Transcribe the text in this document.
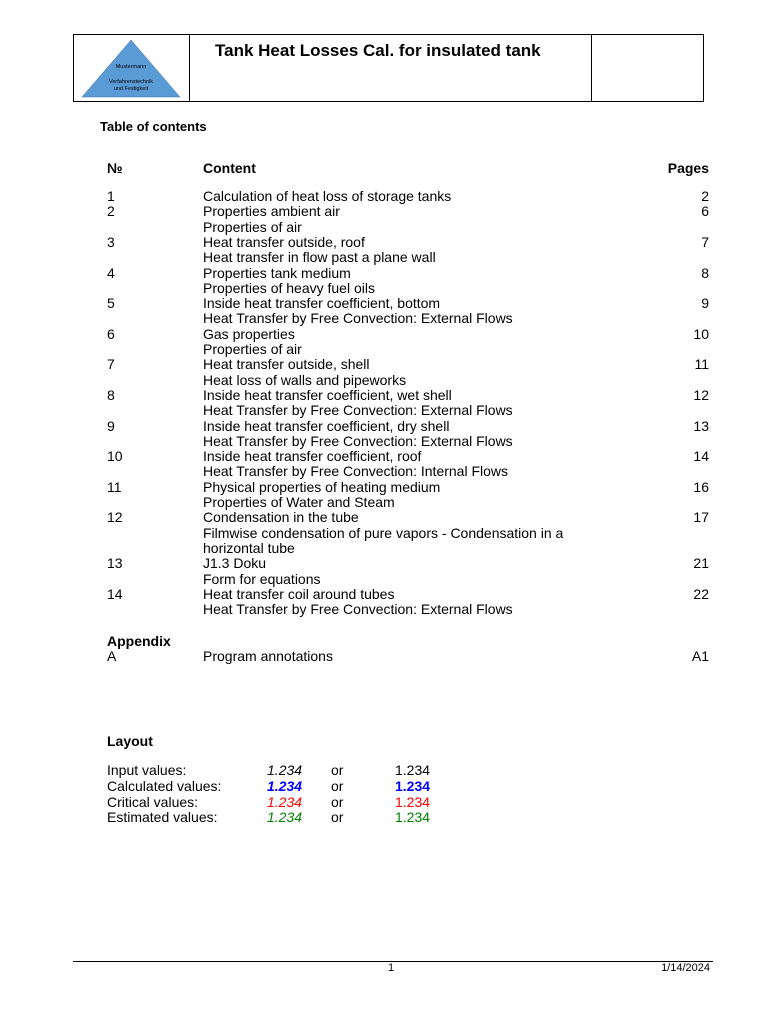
Mustermann
Verfahrenstechnik
und Festigkeit
Tank Heat Losses Cal. for insulated tank
Table of contents
№	Content	Pages
1	Calculation of heat loss of storage tanks	2
2	Properties ambient air	6
Properties of air
3	Heat transfer outside, roof	7
Heat transfer in flow past a plane wall
4	Properties tank medium	8
Properties of heavy fuel oils
5	Inside heat transfer coefficient, bottom	9
Heat Transfer by Free Convection: External Flows
6	Gas properties	10
Properties of air
7	Heat transfer outside, shell	11
Heat loss of walls and pipeworks
8	Inside heat transfer coefficient, wet shell	12
Heat Transfer by Free Convection: External Flows
9	Inside heat transfer coefficient, dry shell	13
Heat Transfer by Free Convection: External Flows
10	Inside heat transfer coefficient, roof	14
Heat Transfer by Free Convection: Internal Flows
11	Physical properties of heating medium	16
Properties of Water and Steam
12	Condensation in the tube	17
Filmwise condensation of pure vapors - Condensation in a
horizontal tube
13	J1.3 Doku	21
Form for equations
14	Heat transfer coil around tubes	22
Heat Transfer by Free Convection: External Flows
Appendix
A	Program annotations	A1
Layout
Input values:	1.234 or	1.234
Calculated values:	1.234 or	1.234
Critical values:	1.234 or	1.234
Estimated values:	1.234 or	1.234
1	1/14/2024
